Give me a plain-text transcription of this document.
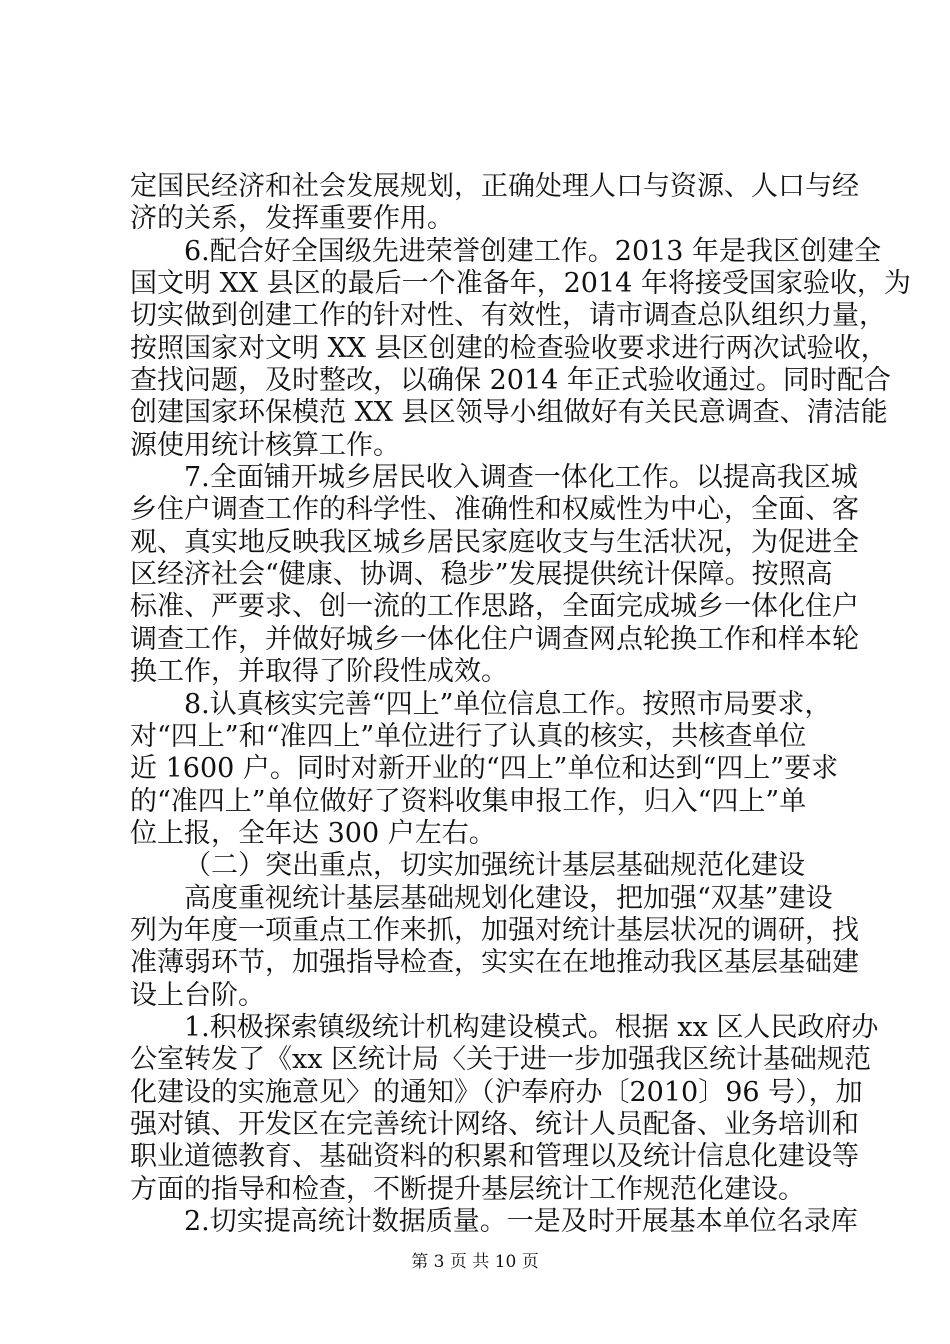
定国民经济和社会发展规划，正确处理人口与资源、人口与经
济的关系，发挥重要作用。
6.配合好全国级先进荣誉创建工作。2013 年是我区创建全
国文明 XX 县区的最后一个准备年，2014 年将接受国家验收，为
切实做到创建工作的针对性、有效性，请市调查总队组织力量，
按照国家对文明 XX 县区创建的检查验收要求进行两次试验收，
查找问题，及时整改，以确保 2014 年正式验收通过。同时配合
创建国家环保模范 XX 县区领导小组做好有关民意调查、清洁能
源使用统计核算工作。
7.全面铺开城乡居民收入调查一体化工作。以提高我区城
乡住户调查工作的科学性、准确性和权威性为中心，全面、客
观、真实地反映我区城乡居民家庭收支与生活状况，为促进全
区经济社会“健康、协调、稳步”发展提供统计保障。按照高
标准、严要求、创一流的工作思路，全面完成城乡一体化住户
调查工作，并做好城乡一体化住户调查网点轮换工作和样本轮
换工作，并取得了阶段性成效。
8.认真核实完善“四上”单位信息工作。按照市局要求，
对“四上”和“准四上”单位进行了认真的核实，共核查单位
近 1600 户。同时对新开业的“四上”单位和达到“四上”要求
的“准四上”单位做好了资料收集申报工作，归入“四上”单
位上报，全年达 300 户左右。
（二）突出重点，切实加强统计基层基础规范化建设
高度重视统计基层基础规划化建设，把加强“双基”建设
列为年度一项重点工作来抓，加强对统计基层状况的调研，找
准薄弱环节，加强指导检查，实实在在地推动我区基层基础建
设上台阶。
1.积极探索镇级统计机构建设模式。根据 xx 区人民政府办
公室转发了《xx 区统计局〈关于进一步加强我区统计基础规范
化建设的实施意见〉的通知》（沪奉府办〔2010〕96 号），加
强对镇、开发区在完善统计网络、统计人员配备、业务培训和
职业道德教育、基础资料的积累和管理以及统计信息化建设等
方面的指导和检查，不断提升基层统计工作规范化建设。
2.切实提高统计数据质量。一是及时开展基本单位名录库
第 3 页 共 10 页
